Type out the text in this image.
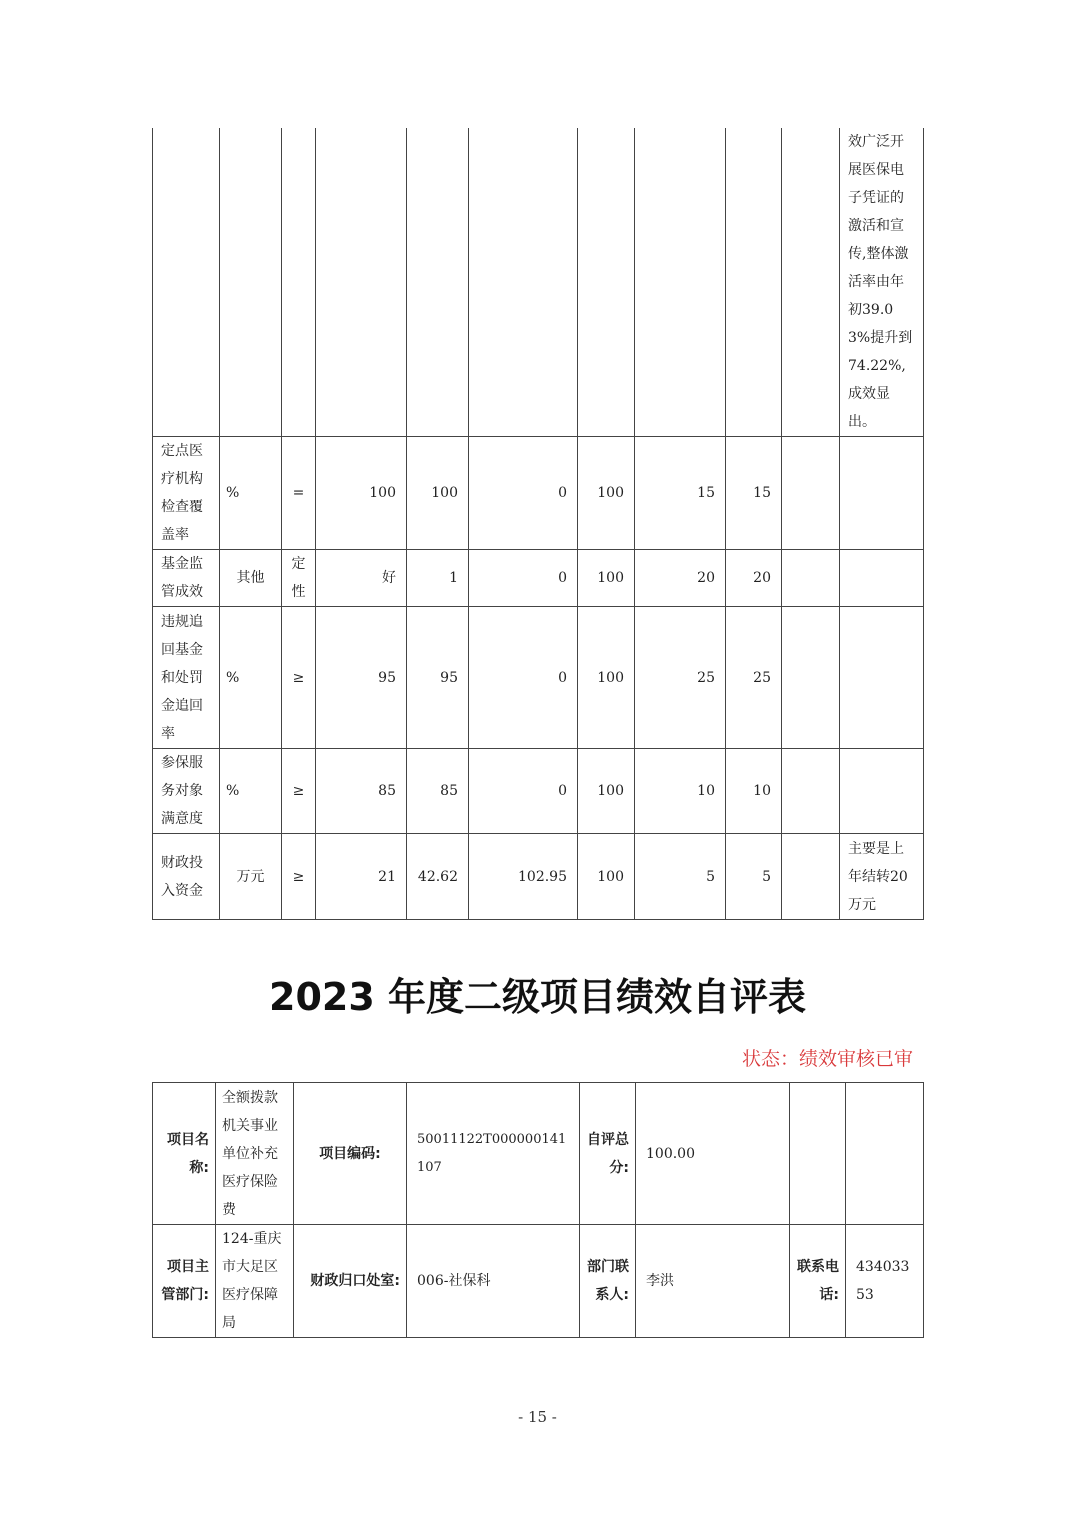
										效广泛开展医保电子凭证的激活和宣传,整体激活率由年初39.03%提升到74.22%,成效显出。
定点医疗机构检查覆盖率	%	=	100	100	0	100	15	15		
基金监管成效	其他	定性	好	1	0	100	20	20		
违规追回基金和处罚金追回率	%	≥	95	95	0	100	25	25		
参保服务对象满意度	%	≥	85	85	0	100	10	10		
财政投入资金	万元	≥	21	42.62	102.95	100	5	5		主要是上年结转20万元
2023 年度二级项目绩效自评表
状态：绩效审核已审
项目名称:	全额拨款机关事业单位补充医疗保险费	项目编码:	50011122T000000141107	自评总分:	100.00		
项目主管部门:	124-重庆市大足区医疗保障局	财政归口处室:	006-社保科	部门联系人:	李洪	联系电话:	43403353
- 15 -
